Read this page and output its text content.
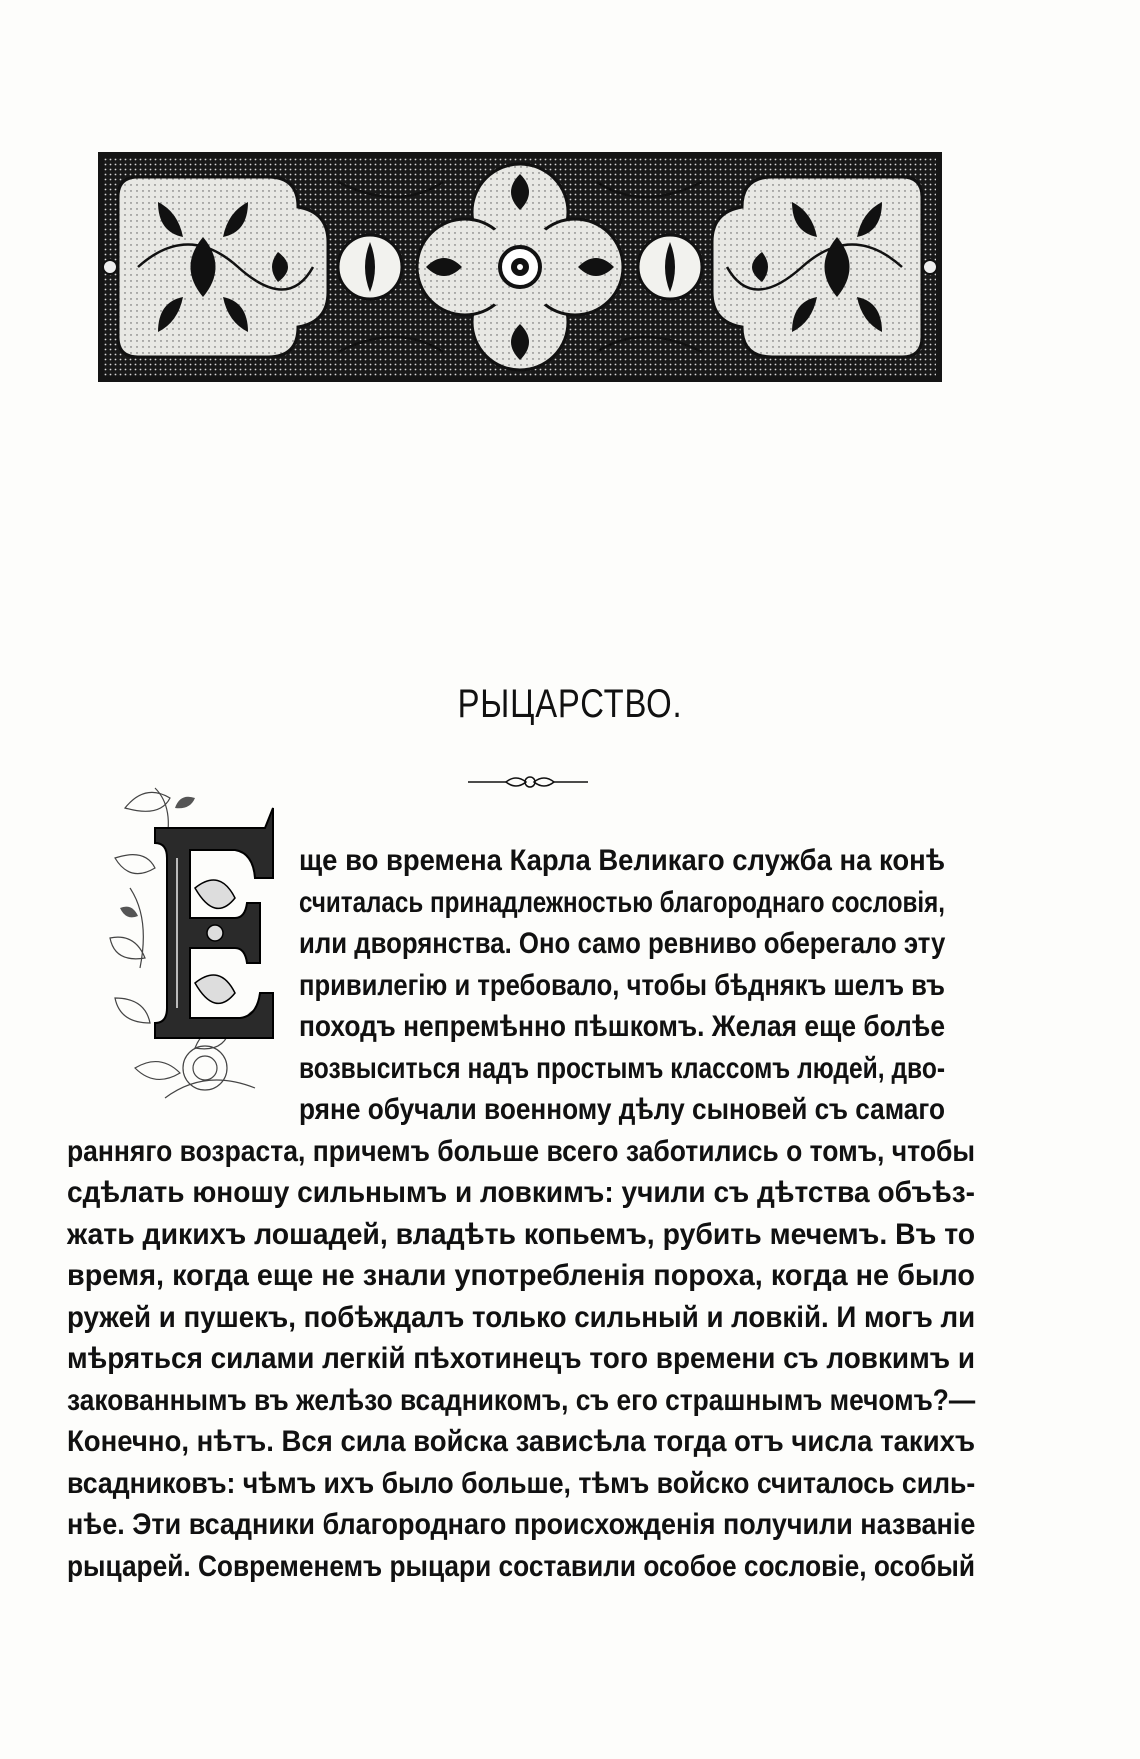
РЫЦАРСТВО.
ще во времена Карла Великаго служба на конѣ
считалась принадлежностью благороднаго сословія,
или дворянства. Оно само ревниво оберегало эту
привилегію и требовало, чтобы бѣднякъ шелъ въ
походъ непремѣнно пѣшкомъ. Желая еще болѣе
возвыситься надъ простымъ классомъ людей, дво-
ряне обучали военному дѣлу сыновей съ самаго
ранняго возраста, причемъ больше всего заботились о томъ, чтобы
сдѣлать юношу сильнымъ и ловкимъ: учили съ дѣтства объѣз-
жать дикихъ лошадей, владѣть копьемъ, рубить мечемъ. Въ то
время, когда еще не знали употребленія пороха, когда не было
ружей и пушекъ, побѣждалъ только сильный и ловкій. И могъ ли
мѣряться силами легкій пѣхотинецъ того времени съ ловкимъ и
закованнымъ въ желѣзо всадникомъ, съ его страшнымъ мечомъ?—
Конечно, нѣтъ. Вся сила войска зависѣла тогда отъ числа такихъ
всадниковъ: чѣмъ ихъ было больше, тѣмъ войско считалось силь-
нѣе. Эти всадники благороднаго происхожденія получили названіе
рыцарей. Современемъ рыцари составили особое сословіе, особый
